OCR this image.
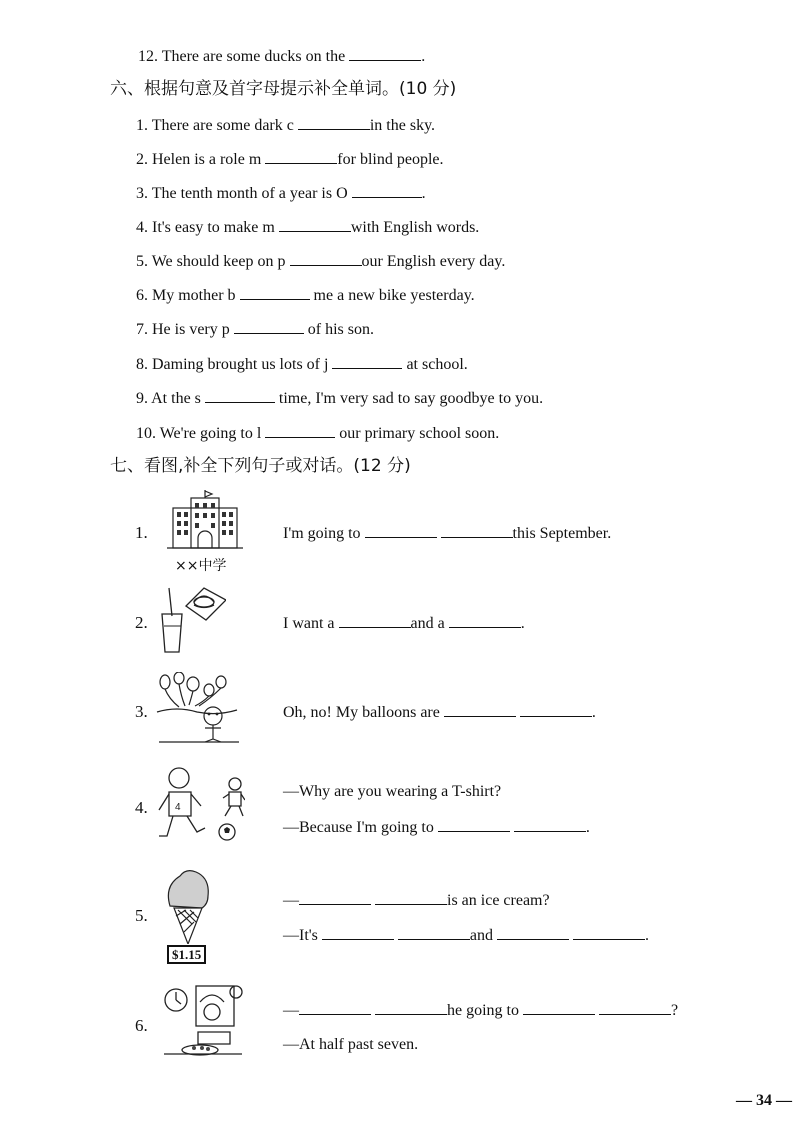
12. There are some ducks on the	.
六、根据句意及首字母提示补全单词。(10 分)
1. There are some dark c	in the sky.
2. Helen is a role m	for blind people.
3. The tenth month of a year is O	.
4. It's easy to make m	with English words.
5. We should keep on p	our English every day.
6. My mother b	me a new bike yesterday.
7. He is very p	of his son.
8. Daming brought us lots of j	at school.
9. At the s	time, I'm very sad to say goodbye to you.
10. We're going to l	our primary school soon.
七、看图,补全下列句子或对话。(12 分)
1.
××中学
I'm going to	this September.
2.	I want a	and a	.
3.	Oh, no! My balloons are	.
4.	4
—Why are you wearing a T-shirt?
—Because I'm going to	.
5.
$1.15
—	is an ice cream?
—It's	and	.
6.
—	he going to	?
—At half past seven.
— 34 —
